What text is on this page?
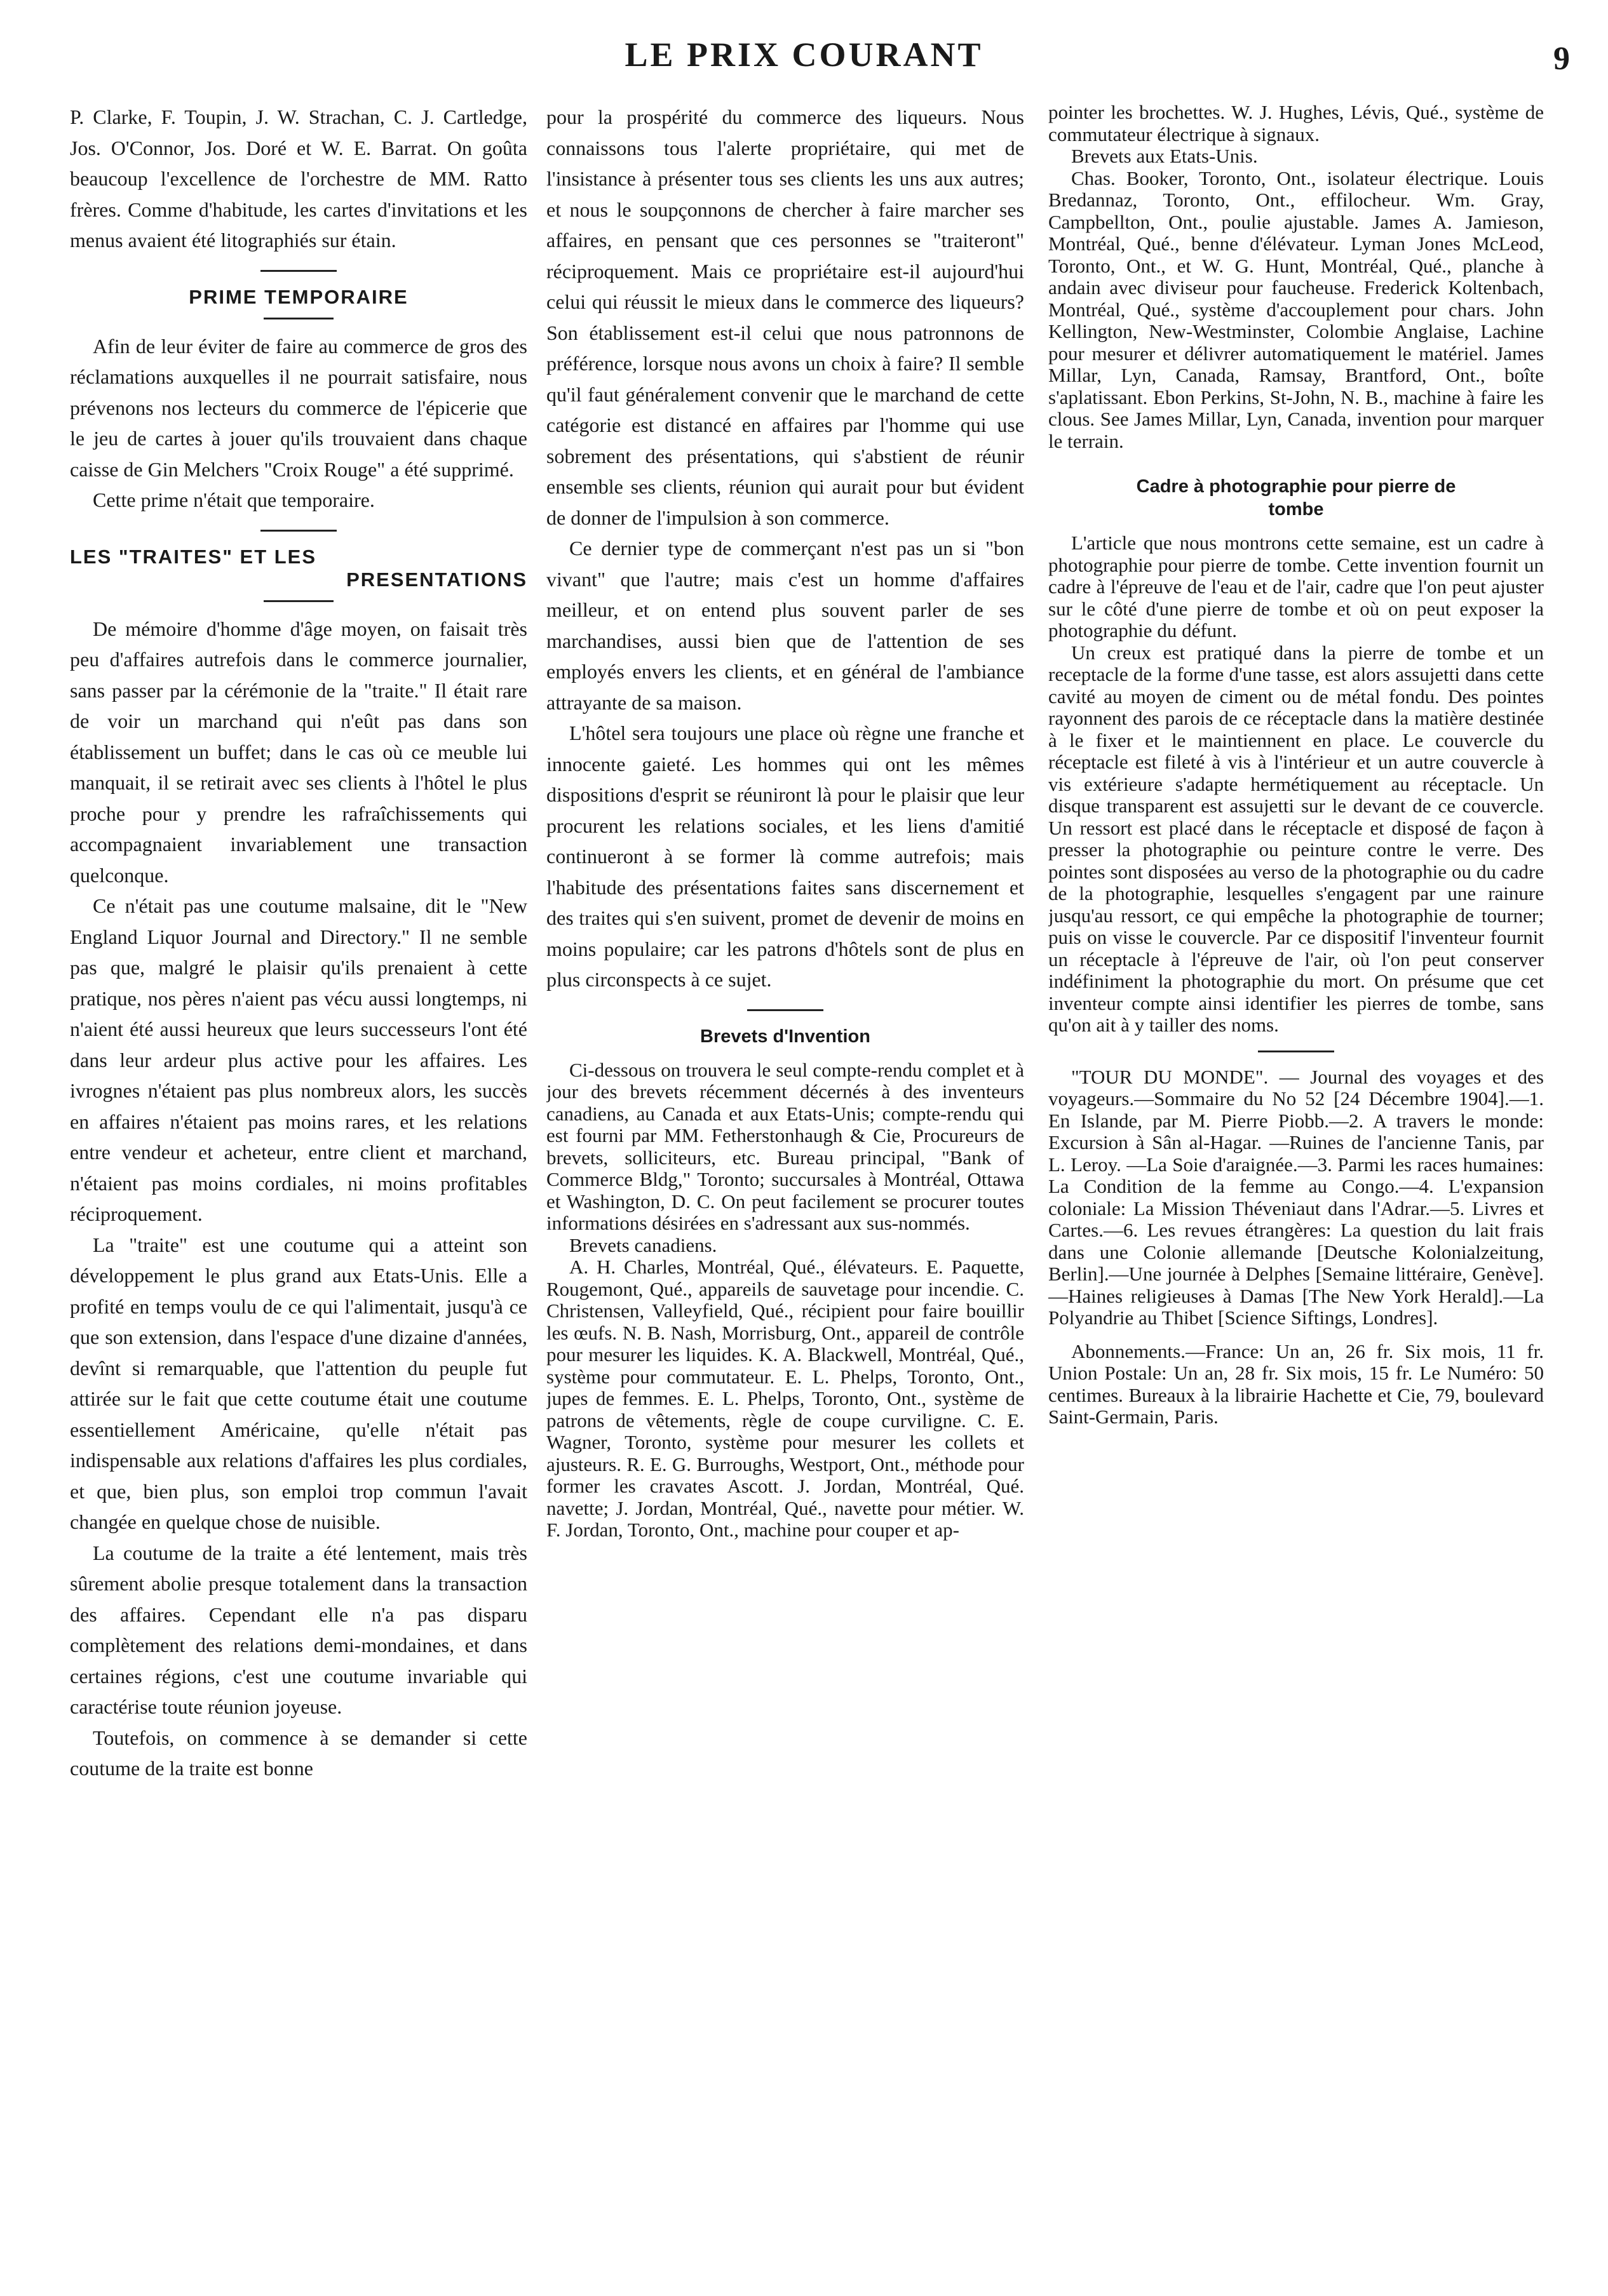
LE PRIX COURANT	9

P. Clarke, F. Toupin, J. W. Strachan, C. J. Cartledge, Jos. O'Connor, Jos. Doré et W. E. Barrat. On goûta beaucoup l'excellence de l'orchestre de MM. Ratto frères. Comme d'habitude, les cartes d'invitations et les menus avaient été litographiés sur étain.

PRIME TEMPORAIRE

Afin de leur éviter de faire au commerce de gros des réclamations auxquelles il ne pourrait satisfaire, nous prévenons nos lecteurs du commerce de l'épicerie que le jeu de cartes à jouer qu'ils trouvaient dans chaque caisse de Gin Melchers "Croix Rouge" a été supprimé.

Cette prime n'était que temporaire.

LES "TRAITES" ET LES

PRESENTATIONS

De mémoire d'homme d'âge moyen, on faisait très peu d'affaires autrefois dans le commerce journalier, sans passer par la cérémonie de la "traite." Il était rare de voir un marchand qui n'eût pas dans son établissement un buffet; dans le cas où ce meuble lui manquait, il se retirait avec ses clients à l'hôtel le plus proche pour y prendre les rafraîchissements qui accompagnaient invariablement une transaction quelconque.

Ce n'était pas une coutume malsaine, dit le "New England Liquor Journal and Directory." Il ne semble pas que, malgré le plaisir qu'ils prenaient à cette pratique, nos pères n'aient pas vécu aussi longtemps, ni n'aient été aussi heureux que leurs successeurs l'ont été dans leur ardeur plus active pour les affaires. Les ivrognes n'étaient pas plus nombreux alors, les succès en affaires n'étaient pas moins rares, et les relations entre vendeur et acheteur, entre client et marchand, n'étaient pas moins cordiales, ni moins profitables réciproquement.

La "traite" est une coutume qui a atteint son développement le plus grand aux Etats-Unis. Elle a profité en temps voulu de ce qui l'alimentait, jusqu'à ce que son extension, dans l'espace d'une dizaine d'années, devînt si remarquable, que l'attention du peuple fut attirée sur le fait que cette coutume était une coutume essentiellement Américaine, qu'elle n'était pas indispensable aux relations d'affaires les plus cordiales, et que, bien plus, son emploi trop commun l'avait changée en quelque chose de nuisible.

La coutume de la traite a été lentement, mais très sûrement abolie presque totalement dans la transaction des affaires. Cependant elle n'a pas disparu complètement des relations demi-mondaines, et dans certaines régions, c'est une coutume invariable qui caractérise toute réunion joyeuse.

Toutefois, on commence à se demander si cette coutume de la traite est bonne

pour la prospérité du commerce des liqueurs. Nous connaissons tous l'alerte propriétaire, qui met de l'insistance à présenter tous ses clients les uns aux autres; et nous le soupçonnons de chercher à faire marcher ses affaires, en pensant que ces personnes se "traiteront" réciproquement. Mais ce propriétaire est-il aujourd'hui celui qui réussit le mieux dans le commerce des liqueurs? Son établissement est-il celui que nous patronnons de préférence, lorsque nous avons un choix à faire? Il semble qu'il faut généralement convenir que le marchand de cette catégorie est distancé en affaires par l'homme qui use sobrement des présentations, qui s'abstient de réunir ensemble ses clients, réunion qui aurait pour but évident de donner de l'impulsion à son commerce.

Ce dernier type de commerçant n'est pas un si "bon vivant" que l'autre; mais c'est un homme d'affaires meilleur, et on entend plus souvent parler de ses marchandises, aussi bien que de l'attention de ses employés envers les clients, et en général de l'ambiance attrayante de sa maison.

L'hôtel sera toujours une place où règne une franche et innocente gaieté. Les hommes qui ont les mêmes dispositions d'esprit se réuniront là pour le plaisir que leur procurent les relations sociales, et les liens d'amitié continueront à se former là comme autrefois; mais l'habitude des présentations faites sans discernement et des traites qui s'en suivent, promet de devenir de moins en moins populaire; car les patrons d'hôtels sont de plus en plus circonspects à ce sujet.

Brevets d'Invention

Ci-dessous on trouvera le seul compte-rendu complet et à jour des brevets récemment décernés à des inventeurs canadiens, au Canada et aux Etats-Unis; compte-rendu qui est fourni par MM. Fetherstonhaugh & Cie, Procureurs de brevets, solliciteurs, etc. Bureau principal, "Bank of Commerce Bldg," Toronto; succursales à Montréal, Ottawa et Washington, D. C. On peut facilement se procurer toutes informations désirées en s'adressant aux sus-nommés.

Brevets canadiens.

A. H. Charles, Montréal, Qué., élévateurs. E. Paquette, Rougemont, Qué., appareils de sauvetage pour incendie. C. Christensen, Valleyfield, Qué., récipient pour faire bouillir les œufs. N. B. Nash, Morrisburg, Ont., appareil de contrôle pour mesurer les liquides. K. A. Blackwell, Montréal, Qué., système pour commutateur. E. L. Phelps, Toronto, Ont., jupes de femmes. E. L. Phelps, Toronto, Ont., système de patrons de vêtements, règle de coupe curviligne. C. E. Wagner, Toronto, système pour mesurer les collets et ajusteurs. R. E. G. Burroughs, Westport, Ont., méthode pour former les cravates Ascott. J. Jordan, Montréal, Qué. navette; J. Jordan, Montréal, Qué., navette pour métier. W. F. Jordan, Toronto, Ont., machine pour couper et ap-

pointer les brochettes. W. J. Hughes, Lévis, Qué., système de commutateur électrique à signaux.

Brevets aux Etats-Unis.

Chas. Booker, Toronto, Ont., isolateur électrique. Louis Bredannaz, Toronto, Ont., effilocheur. Wm. Gray, Campbellton, Ont., poulie ajustable. James A. Jamieson, Montréal, Qué., benne d'élévateur. Lyman Jones McLeod, Toronto, Ont., et W. G. Hunt, Montréal, Qué., planche à andain avec diviseur pour faucheuse. Frederick Koltenbach, Montréal, Qué., système d'accouplement pour chars. John Kellington, New-Westminster, Colombie Anglaise, Lachine pour mesurer et délivrer automatiquement le matériel. James Millar, Lyn, Canada, Ramsay, Brantford, Ont., boîte s'aplatissant. Ebon Perkins, St-John, N. B., machine à faire les clous. See James Millar, Lyn, Canada, invention pour marquer le terrain.

Cadre à photographie pour pierre de

tombe

L'article que nous montrons cette semaine, est un cadre à photographie pour pierre de tombe. Cette invention fournit un cadre à l'épreuve de l'eau et de l'air, cadre que l'on peut ajuster sur le côté d'une pierre de tombe et où on peut exposer la photographie du défunt.

Un creux est pratiqué dans la pierre de tombe et un receptacle de la forme d'une tasse, est alors assujetti dans cette cavité au moyen de ciment ou de métal fondu. Des pointes rayonnent des parois de ce réceptacle dans la matière destinée à le fixer et le maintiennent en place. Le couvercle du réceptacle est fileté à vis à l'intérieur et un autre couvercle à vis extérieure s'adapte hermétiquement au réceptacle. Un disque transparent est assujetti sur le devant de ce couvercle. Un ressort est placé dans le réceptacle et disposé de façon à presser la photographie ou peinture contre le verre. Des pointes sont disposées au verso de la photographie ou du cadre de la photographie, lesquelles s'engagent par une rainure jusqu'au ressort, ce qui empêche la photographie de tourner; puis on visse le couvercle. Par ce dispositif l'inventeur fournit un réceptacle à l'épreuve de l'air, où l'on peut conserver indéfiniment la photographie du mort. On présume que cet inventeur compte ainsi identifier les pierres de tombe, sans qu'on ait à y tailler des noms.

"TOUR DU MONDE". — Journal des voyages et des voyageurs.—Sommaire du No 52 [24 Décembre 1904].—1. En Islande, par M. Pierre Piobb.—2. A travers le monde: Excursion à Sân al-Hagar. —Ruines de l'ancienne Tanis, par L. Leroy. —La Soie d'araignée.—3. Parmi les races humaines: La Condition de la femme au Congo.—4. L'expansion coloniale: La Mission Théveniaut dans l'Adrar.—5. Livres et Cartes.—6. Les revues étrangères: La question du lait frais dans une Colonie allemande [Deutsche Kolonialzeitung, Berlin].—Une journée à Delphes [Semaine littéraire, Genève].—Haines religieuses à Damas [The New York Herald].—La Polyandrie au Thibet [Science Siftings, Londres].

Abonnements.—France: Un an, 26 fr. Six mois, 11 fr. Union Postale: Un an, 28 fr. Six mois, 15 fr. Le Numéro: 50 centimes. Bureaux à la librairie Hachette et Cie, 79, boulevard Saint-Germain, Paris.
